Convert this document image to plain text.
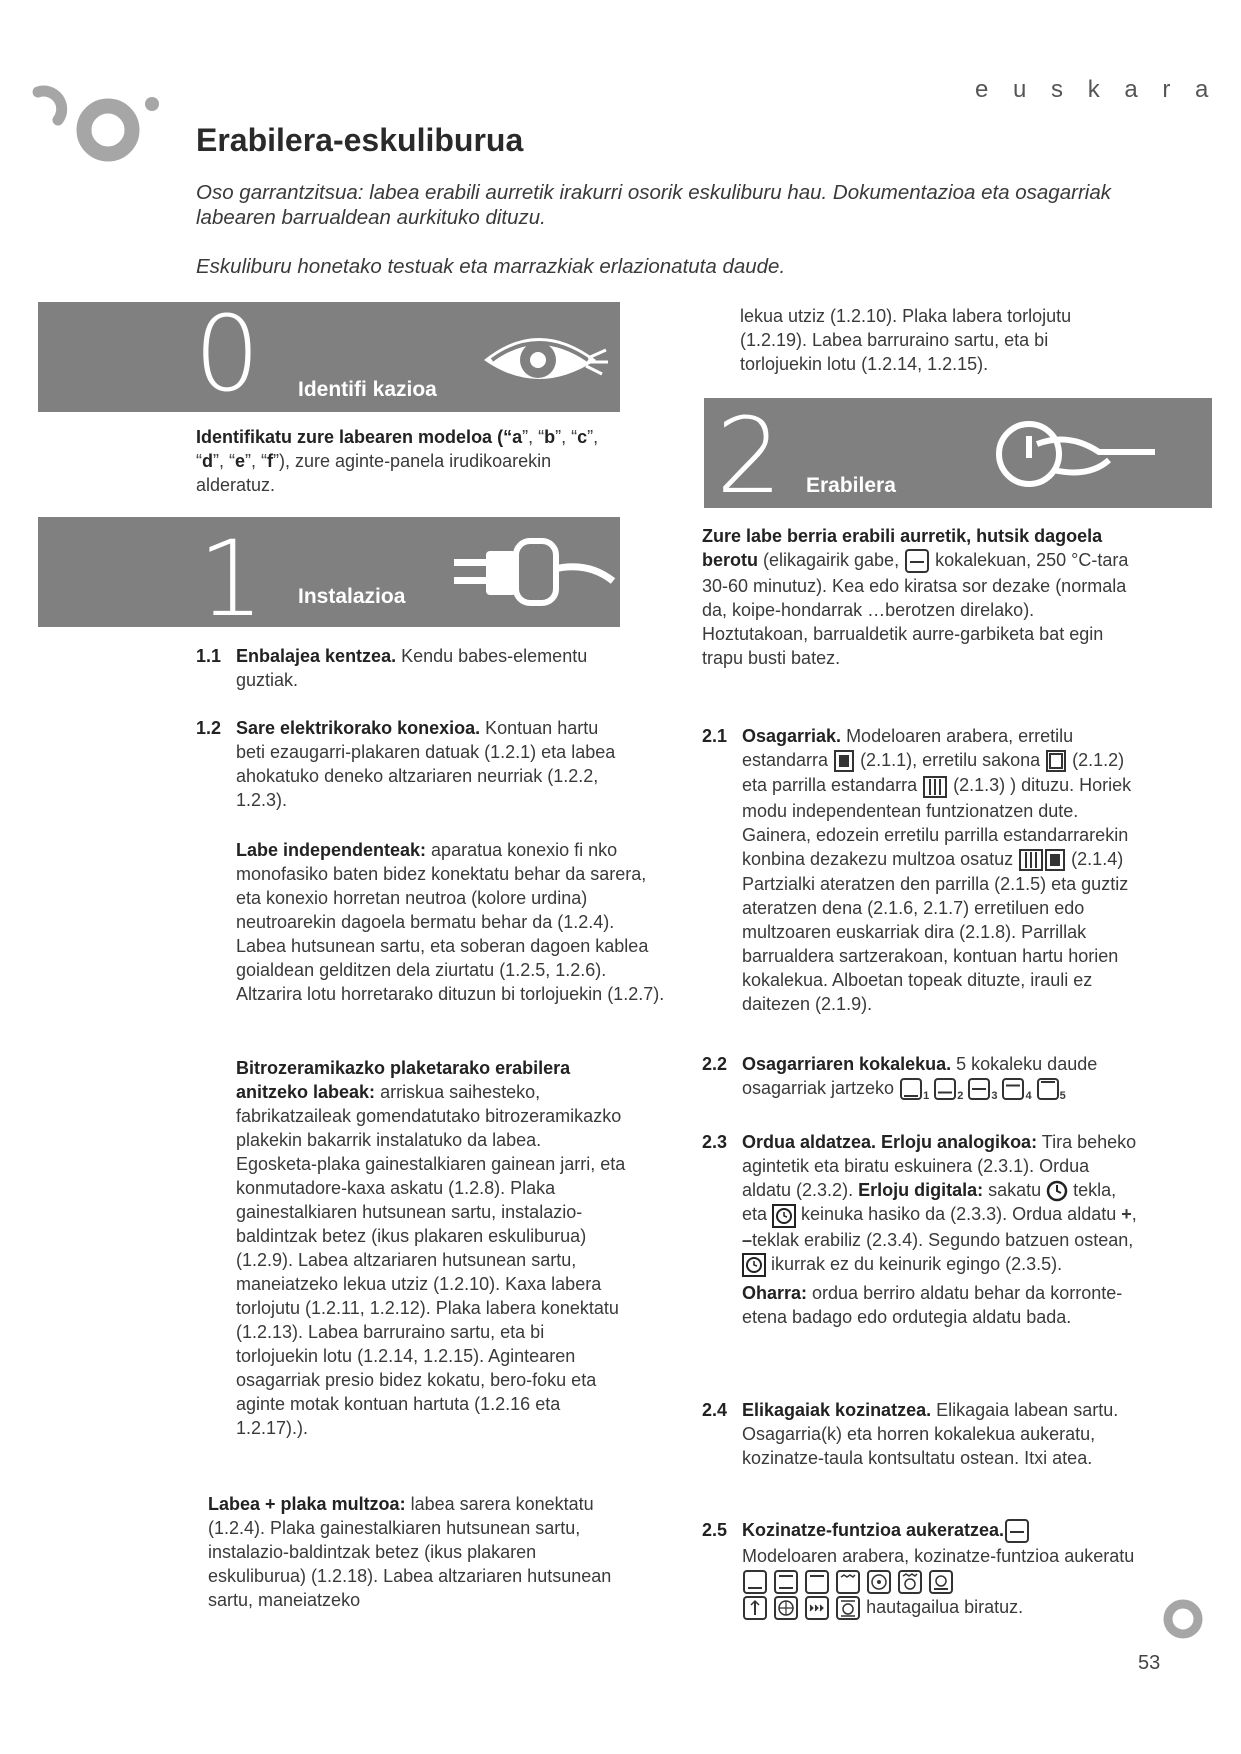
e u s k a r a
Erabilera-eskuliburua
Oso garrantzitsua: labea erabili aurretik irakurri osorik eskuliburu hau. Dokumentazioa eta osagarriak labearen barrualdean aurkituko dituzu.
Eskuliburu honetako testuak eta marrazkiak erlazionatuta daude.
0 Identifi kazioa
Identifikatu zure labearen modeloa (“a”, “b”, “c”, “d”, “e”, “f”), zure aginte-panela irudikoarekin alderatuz.
1 Instalazioa
1.1 Enbalajea kentzea. Kendu babes-elementu guztiak.
1.2 Sare elektrikorako konexioa. Kontuan hartu beti ezaugarri-plakaren datuak (1.2.1) eta labea ahokatuko deneko altzariaren neurriak (1.2.2, 1.2.3).
Labe independenteak: aparatua konexio fi nko monofasiko baten bidez konektatu behar da sarera, eta konexio horretan neutroa (kolore urdina) neutroarekin dagoela bermatu behar da (1.2.4). Labea hutsunean sartu, eta soberan dagoen kablea goialdean gelditzen dela ziurtatu (1.2.5, 1.2.6). Altzarira lotu horretarako dituzun bi torlojuekin (1.2.7).
Bitrozeramikazko plaketarako erabilera anitzeko labeak: arriskua saihesteko, fabrikatzaileak gomendatutako bitrozeramikazko plakekin bakarrik instalatuko da labea. Egosketa-plaka gainestalkiaren gainean jarri, eta konmutadore-kaxa askatu (1.2.8). Plaka gainestalkiaren hutsunean sartu, instalazio-baldintzak betez (ikus plakaren eskuliburua) (1.2.9). Labea altzariaren hutsunean sartu, maneiatzeko lekua utziz (1.2.10). Kaxa labera torlojutu (1.2.11, 1.2.12). Plaka labera konektatu (1.2.13). Labea barruraino sartu, eta bi torlojuekin lotu (1.2.14, 1.2.15). Agintearen osagarriak presio bidez kokatu, bero-foku eta aginte motak kontuan hartuta (1.2.16 eta 1.2.17).).
Labea + plaka multzoa: labea sarera konektatu (1.2.4). Plaka gainestalkiaren hutsunean sartu, instalazio-baldintzak betez (ikus plakaren eskuliburua) (1.2.18). Labea altzariaren hutsunean sartu, maneiatzeko
lekua utziz (1.2.10). Plaka labera torlojutu (1.2.19). Labea barruraino sartu, eta bi torlojuekin lotu (1.2.14, 1.2.15).
2 Erabilera
Zure labe berria erabili aurretik, hutsik dagoela berotu (elikagairik gabe,  kokalekuan, 250 °C-tara 30-60 minutuz). Kea edo kiratsa sor dezake (normala da, koipe-hondarrak …berotzen direlako). Hoztutakoan, barrualdetik aurre-garbiketa bat egin trapu busti batez.
2.1 Osagarriak. Modeloaren arabera, erretilu estandarra  (2.1.1), erretilu sakona  (2.1.2) eta parrilla estandarra  (2.1.3) ) dituzu. Horiek modu independentean funtzionatzen dute. Gainera, edozein erretilu parrilla estandarrarekin konbina dezakezu multzoa osatuz	(2.1.4) Partzialki ateratzen den parrilla (2.1.5) eta guztiz ateratzen dena (2.1.6, 2.1.7) erretiluen edo multzoaren euskarriak dira (2.1.8). Parrillak barrualdera sartzerakoan, kontuan hartu horien kokalekua. Alboetan topeak dituzte, irauli ez daitezen (2.1.9).
2.2 Osagarriaren kokalekua. 5 kokaleku daude osagarriak jartzeko $_1$	$_2$	$_3$	$_4$	$_5$
2.3 Ordua aldatzea. Erloju analogikoa: Tira beheko agintetik eta biratu eskuinera (2.3.1). Ordua aldatu (2.3.2). Erloju digitala: sakatu  tekla, eta  keinuka hasiko da (2.3.3). Ordua aldatu +, –teklak erabiliz (2.3.4). Segundo batzuen ostean,  ikurrak ez du keinurik egingo (2.3.5).
Oharra: ordua berriro aldatu behar da korronte-etena badago edo ordutegia aldatu bada.
2.4 Elikagaiak kozinatzea. Elikagaia labean sartu. Osagarria(k) eta horren kokalekua aukeratu, kozinatze-taula kontsultatu ostean. Itxi atea.
2.5 Kozinatze-funtzioa aukeratzea.
Modeloaren arabera, kozinatze-funtzioa aukeratu
hautagailua biratuz.
53
